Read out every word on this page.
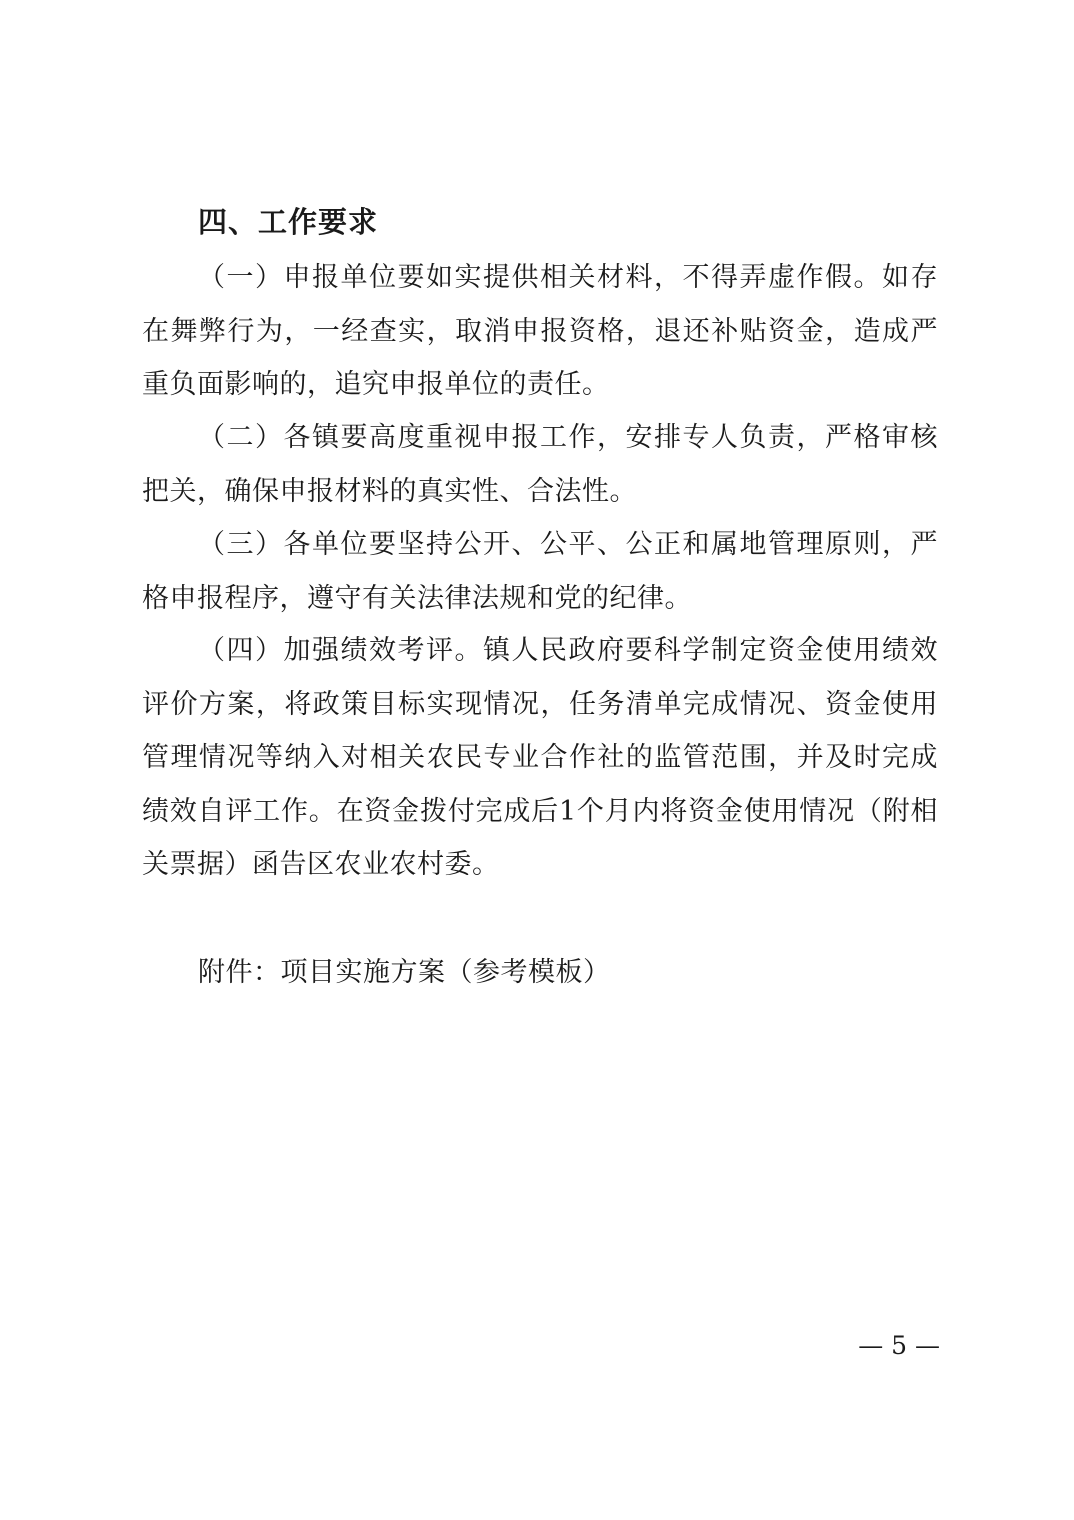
四、工作要求

（一）申报单位要如实提供相关材料，不得弄虚作假。如存在舞弊行为，一经查实，取消申报资格，退还补贴资金，造成严重负面影响的，追究申报单位的责任。

（二）各镇要高度重视申报工作，安排专人负责，严格审核把关，确保申报材料的真实性、合法性。

（三）各单位要坚持公开、公平、公正和属地管理原则，严格申报程序，遵守有关法律法规和党的纪律。

（四）加强绩效考评。镇人民政府要科学制定资金使用绩效评价方案，将政策目标实现情况，任务清单完成情况、资金使用管理情况等纳入对相关农民专业合作社的监管范围，并及时完成绩效自评工作。在资金拨付完成后1个月内将资金使用情况（附相关票据）函告区农业农村委。

附件：项目实施方案（参考模板）
— 5 —
